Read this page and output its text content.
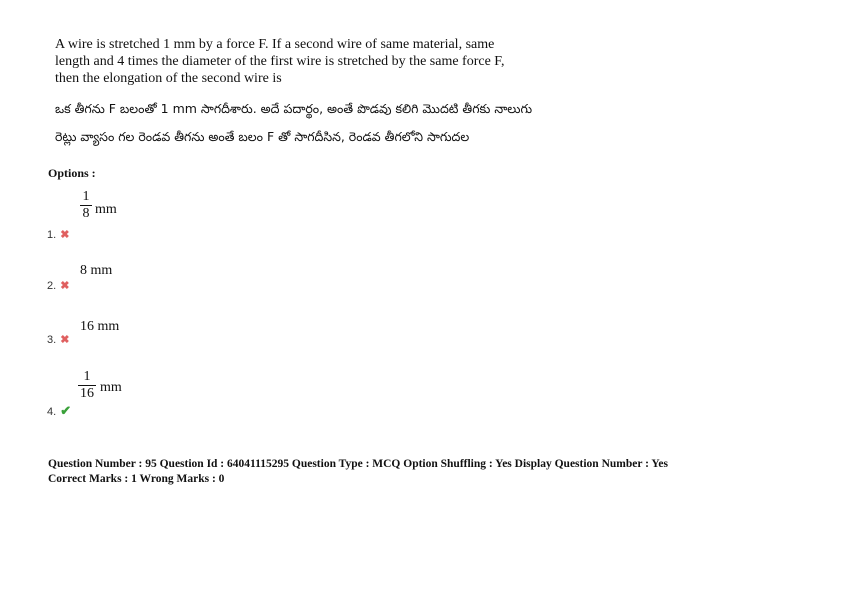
A wire is stretched 1 mm by a force F. If a second wire of same material, same
length and 4 times the diameter of the first wire is stretched by the same force F,
then the elongation of the second wire is
ఒక తీగను F బలంతో 1 mm సాగదీశారు. అదే పదార్థం, అంతే పొడవు కలిగి మొదటి తీగకు నాలుగు
రెట్లు వ్యాసం గల రెండవ తీగను అంతే బలం F తో సాగదీసిన, రెండవ తీగలోని సాగుదల
Options :
1
8 mm
1. ✖
8 mm
2. ✖
16 mm
3. ✖
1
16 mm
4. ✔
Question Number : 95 Question Id : 64041115295 Question Type : MCQ Option Shuffling : Yes Display Question Number : Yes
Correct Marks : 1 Wrong Marks : 0
